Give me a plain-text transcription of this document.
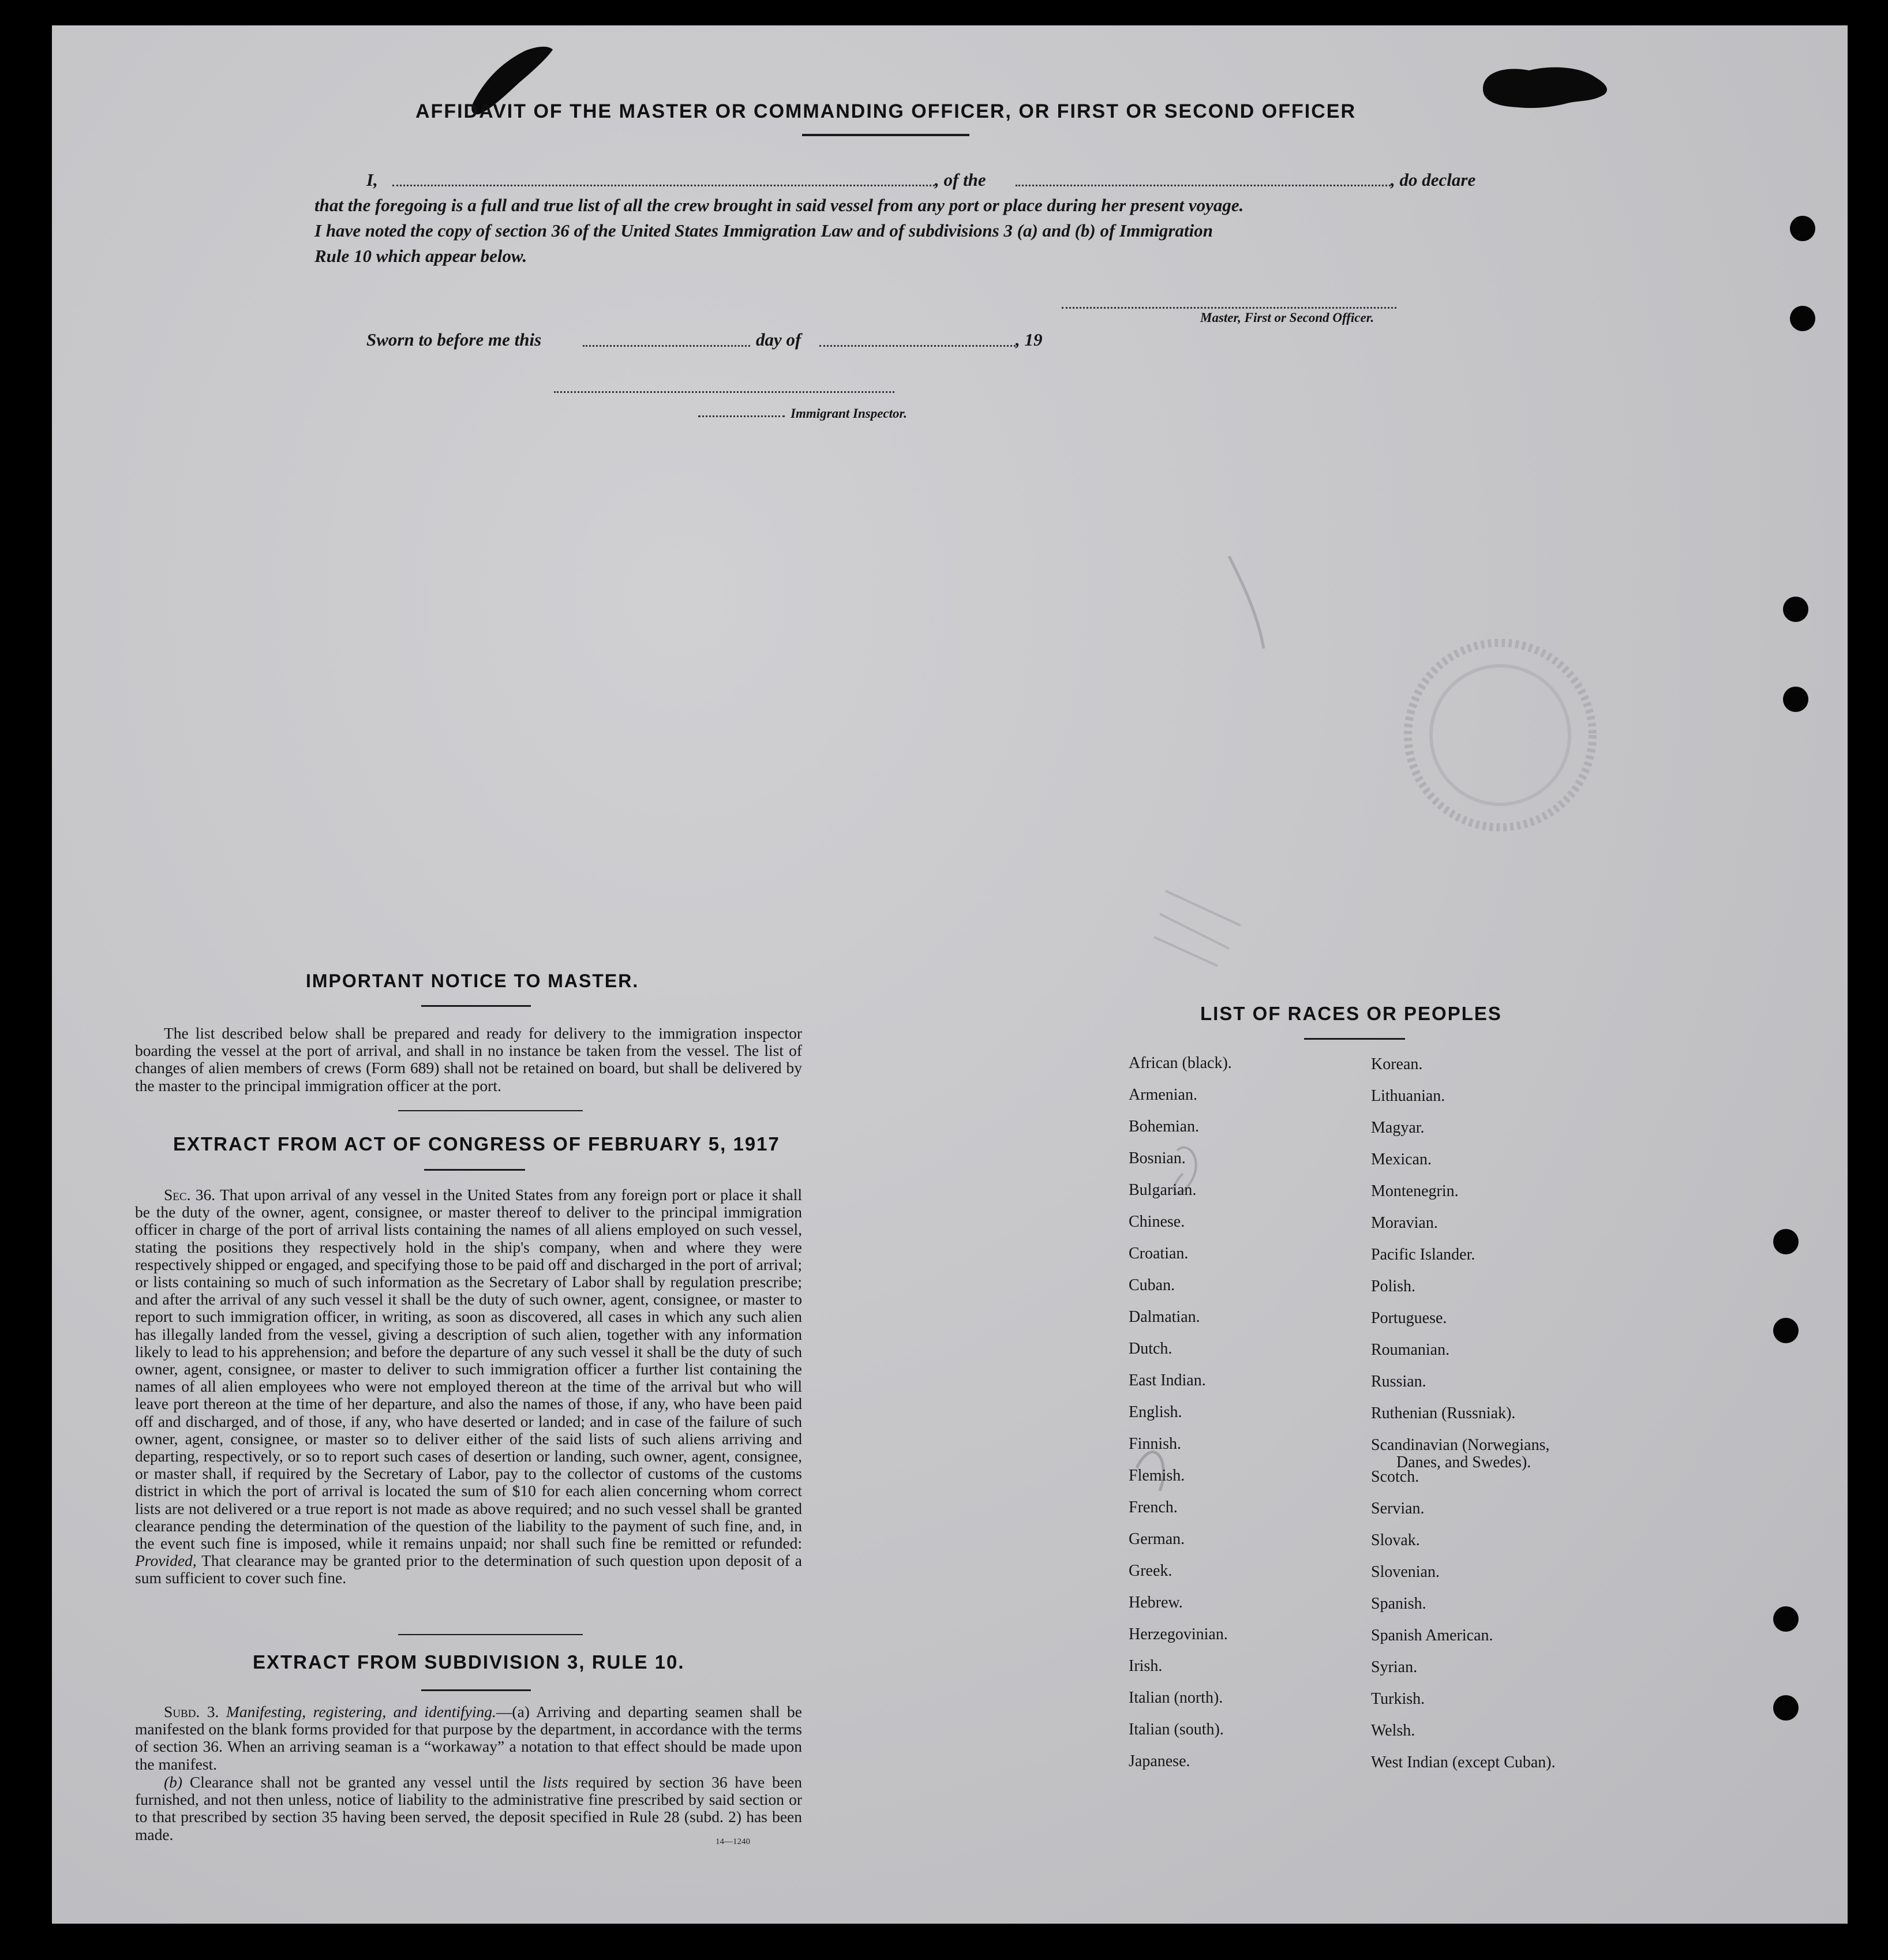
AFFIDAVIT OF THE MASTER OR COMMANDING OFFICER, OR FIRST OR SECOND OFFICER
I,	, of the	, do declare
that the foregoing is a full and true list of all the crew brought in said vessel from any port or place during her present voyage.
I have noted the copy of section 36 of the United States Immigration Law and of subdivisions 3 (a) and (b) of Immigration
Rule 10 which appear below.
Master, First or Second Officer.
Sworn to before me this	day of	, 19
Immigrant Inspector.
IMPORTANT NOTICE TO MASTER.
The list described below shall be prepared and ready for delivery to the immigration inspector boarding the vessel at the port of arrival, and shall in no instance be taken from the vessel. The list of changes of alien members of crews (Form 689) shall not be retained on board, but shall be delivered by the master to the principal immigration officer at the port.
EXTRACT FROM ACT OF CONGRESS OF FEBRUARY 5, 1917
Sec. 36. That upon arrival of any vessel in the United States from any foreign port or place it shall be the duty of the owner, agent, consignee, or master thereof to deliver to the principal immigration officer in charge of the port of arrival lists containing the names of all aliens employed on such vessel, stating the positions they respectively hold in the ship's company, when and where they were respectively shipped or engaged, and specifying those to be paid off and discharged in the port of arrival; or lists containing so much of such information as the Secretary of Labor shall by regulation prescribe; and after the arrival of any such vessel it shall be the duty of such owner, agent, consignee, or master to report to such immigration officer, in writing, as soon as discovered, all cases in which any such alien has illegally landed from the vessel, giving a description of such alien, together with any information likely to lead to his apprehension; and before the departure of any such vessel it shall be the duty of such owner, agent, consignee, or master to deliver to such immigration officer a further list containing the names of all alien employees who were not employed thereon at the time of the arrival but who will leave port thereon at the time of her departure, and also the names of those, if any, who have been paid off and discharged, and of those, if any, who have deserted or landed; and in case of the failure of such owner, agent, consignee, or master so to deliver either of the said lists of such aliens arriving and departing, respectively, or so to report such cases of desertion or landing, such owner, agent, consignee, or master shall, if required by the Secretary of Labor, pay to the collector of customs of the customs district in which the port of arrival is located the sum of $10 for each alien concerning whom correct lists are not delivered or a true report is not made as above required; and no such vessel shall be granted clearance pending the determination of the question of the liability to the payment of such fine, and, in the event such fine is imposed, while it remains unpaid; nor shall such fine be remitted or refunded: Provided, That clearance may be granted prior to the determination of such question upon deposit of a sum sufficient to cover such fine.
EXTRACT FROM SUBDIVISION 3, RULE 10.
Subd. 3. Manifesting, registering, and identifying.—(a) Arriving and departing seamen shall be manifested on the blank forms provided for that purpose by the department, in accordance with the terms of section 36. When an arriving seaman is a “workaway” a notation to that effect should be made upon the manifest.
(b) Clearance shall not be granted any vessel until the lists required by section 36 have been furnished, and not then unless, notice of liability to the administrative fine prescribed by said section or to that prescribed by section 35 having been served, the deposit specified in Rule 28 (subd. 2) has been made.	14—1240
LIST OF RACES OR PEOPLES
African (black).
Armenian.
Bohemian.
Bosnian.
Bulgarian.
Chinese.
Croatian.
Cuban.
Dalmatian.
Dutch.
East Indian.
English.
Finnish.
Flemish.
French.
German.
Greek.
Hebrew.
Herzegovinian.
Irish.
Italian (north).
Italian (south).
Japanese.
Korean.
Lithuanian.
Magyar.
Mexican.
Montenegrin.
Moravian.
Pacific Islander.
Polish.
Portuguese.
Roumanian.
Russian.
Ruthenian (Russniak).
Scandinavian (Norwegians,
Danes, and Swedes).
Scotch.
Servian.
Slovak.
Slovenian.
Spanish.
Spanish American.
Syrian.
Turkish.
Welsh.
West Indian (except Cuban).
